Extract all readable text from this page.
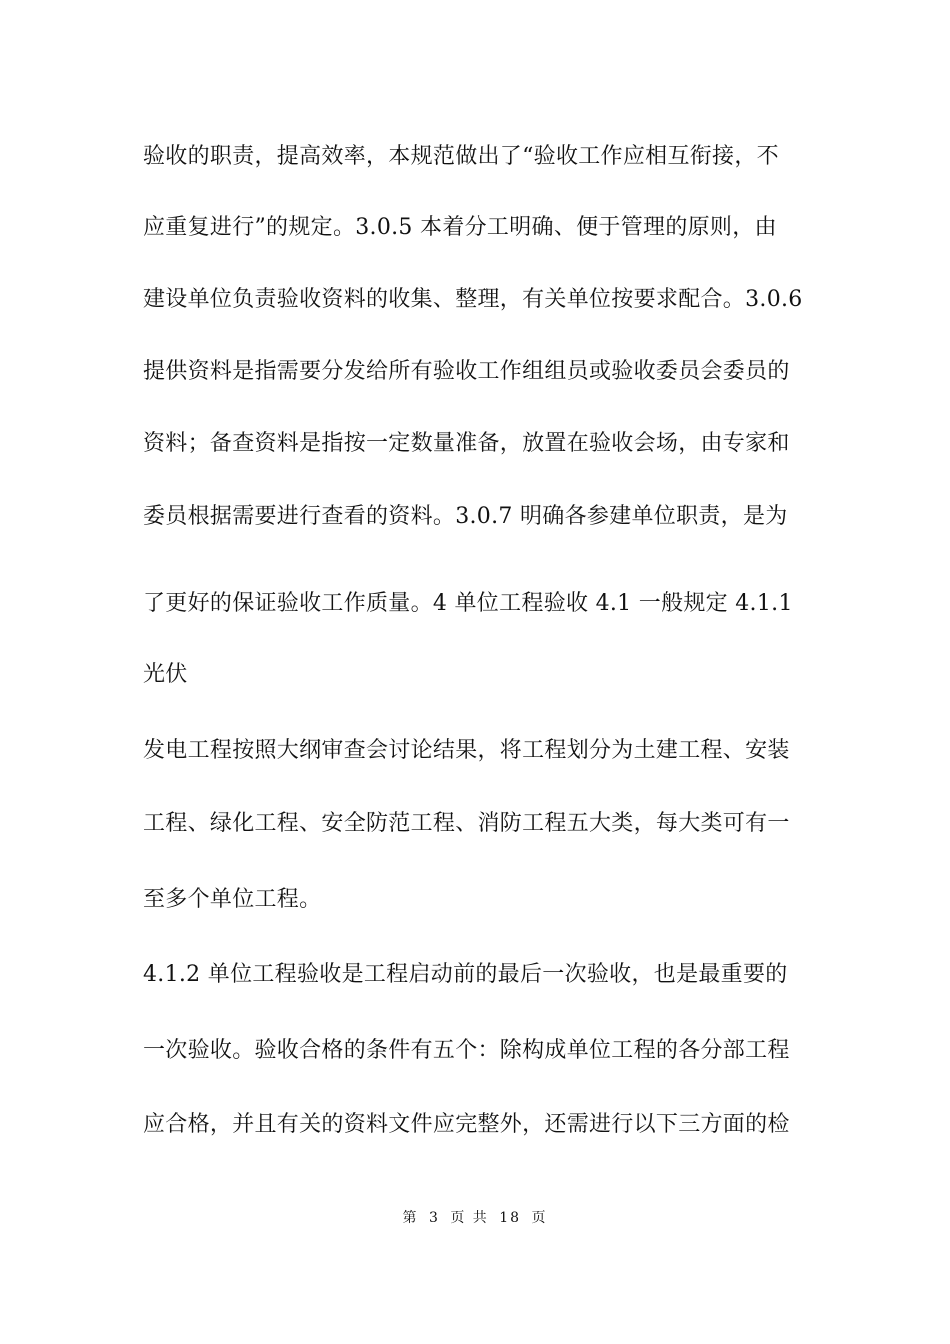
验收的职责，提高效率，本规范做出了“验收工作应相互衔接，不
应重复进行”的规定。3.0.5 本着分工明确、便于管理的原则，由
建设单位负责验收资料的收集、整理，有关单位按要求配合。3.0.6
提供资料是指需要分发给所有验收工作组组员或验收委员会委员的
资料；备查资料是指按一定数量准备，放置在验收会场，由专家和
委员根据需要进行查看的资料。3.0.7 明确各参建单位职责，是为
了更好的保证验收工作质量。4 单位工程验收 4.1 一般规定 4.1.1
光伏
发电工程按照大纲审查会讨论结果，将工程划分为土建工程、安装
工程、绿化工程、安全防范工程、消防工程五大类，每大类可有一
至多个单位工程。
4.1.2 单位工程验收是工程启动前的最后一次验收，也是最重要的
一次验收。验收合格的条件有五个：除构成单位工程的各分部工程
应合格，并且有关的资料文件应完整外，还需进行以下三方面的检
第 3 页 共 18 页
